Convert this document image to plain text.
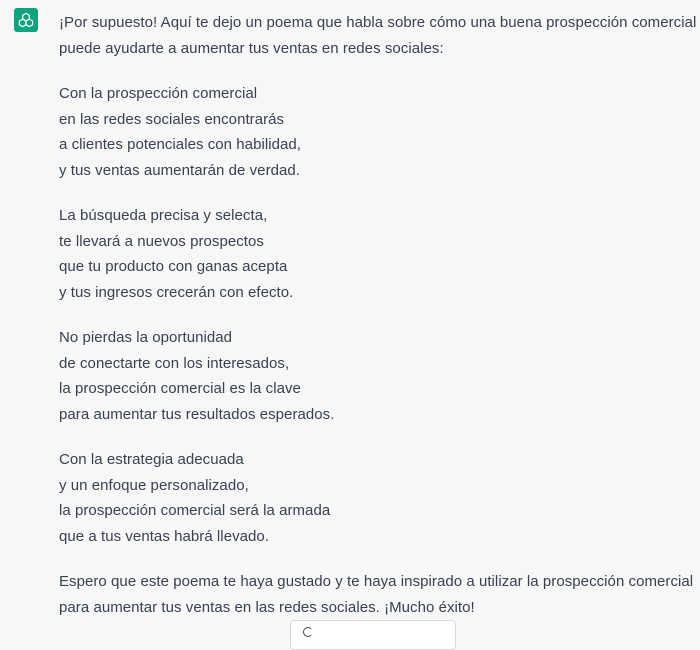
¡Por supuesto! Aquí te dejo un poema que habla sobre cómo una buena prospección comercial

puede ayudarte a aumentar tus ventas en redes sociales:

Con la prospección comercial

en las redes sociales encontrarás

a clientes potenciales con habilidad,

y tus ventas aumentarán de verdad.

La búsqueda precisa y selecta,

te llevará a nuevos prospectos

que tu producto con ganas acepta

y tus ingresos crecerán con efecto.

No pierdas la oportunidad

de conectarte con los interesados,

la prospección comercial es la clave

para aumentar tus resultados esperados.

Con la estrategia adecuada

y un enfoque personalizado,

la prospección comercial será la armada

que a tus ventas habrá llevado.

Espero que este poema te haya gustado y te haya inspirado a utilizar la prospección comercial

para aumentar tus ventas en las redes sociales. ¡Mucho éxito!
